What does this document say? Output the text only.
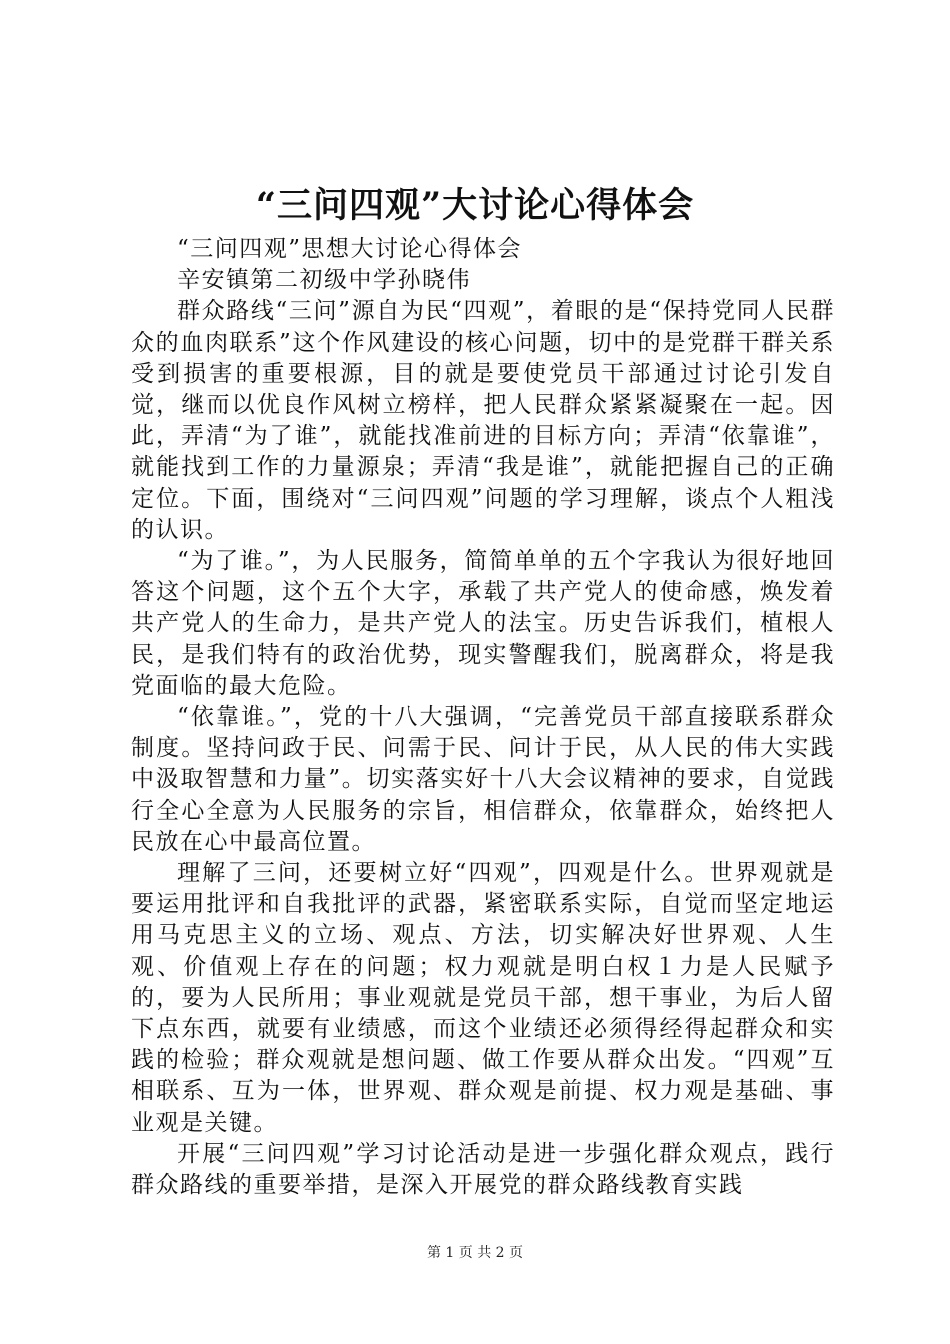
“三问四观”大讨论心得体会

“三问四观”思想大讨论心得体会

辛安镇第二初级中学孙晓伟

群众路线“三问”源自为民“四观”，着眼的是“保持党同人民群众的血肉联系”这个作风建设的核心问题，切中的是党群干群关系受到损害的重要根源，目的就是要使党员干部通过讨论引发自觉，继而以优良作风树立榜样，把人民群众紧紧凝聚在一起。因此，弄清“为了谁”，就能找准前进的目标方向；弄清“依靠谁”，就能找到工作的力量源泉；弄清“我是谁”，就能把握自己的正确定位。下面，围绕对“三问四观”问题的学习理解，谈点个人粗浅的认识。

“为了谁。”，为人民服务，简简单单的五个字我认为很好地回答这个问题，这个五个大字，承载了共产党人的使命感，焕发着共产党人的生命力，是共产党人的法宝。历史告诉我们，植根人民，是我们特有的政治优势，现实警醒我们，脱离群众，将是我党面临的最大危险。

“依靠谁。”，党的十八大强调，“完善党员干部直接联系群众制度。坚持问政于民、问需于民、问计于民，从人民的伟大实践中汲取智慧和力量”。切实落实好十八大会议精神的要求，自觉践行全心全意为人民服务的宗旨，相信群众，依靠群众，始终把人民放在心中最高位置。

理解了三问，还要树立好“四观”，四观是什么。世界观就是要运用批评和自我批评的武器，紧密联系实际，自觉而坚定地运用马克思主义的立场、观点、方法，切实解决好世界观、人生观、价值观上存在的问题；权力观就是明白权１力是人民赋予的，要为人民所用；事业观就是党员干部，想干事业，为后人留下点东西，就要有业绩感，而这个业绩还必须得经得起群众和实践的检验；群众观就是想问题、做工作要从群众出发。“四观”互相联系、互为一体，世界观、群众观是前提、权力观是基础、事业观是关键。

开展“三问四观”学习讨论活动是进一步强化群众观点，践行群众路线的重要举措，是深入开展党的群众路线教育实践

第 1 页 共 2 页
